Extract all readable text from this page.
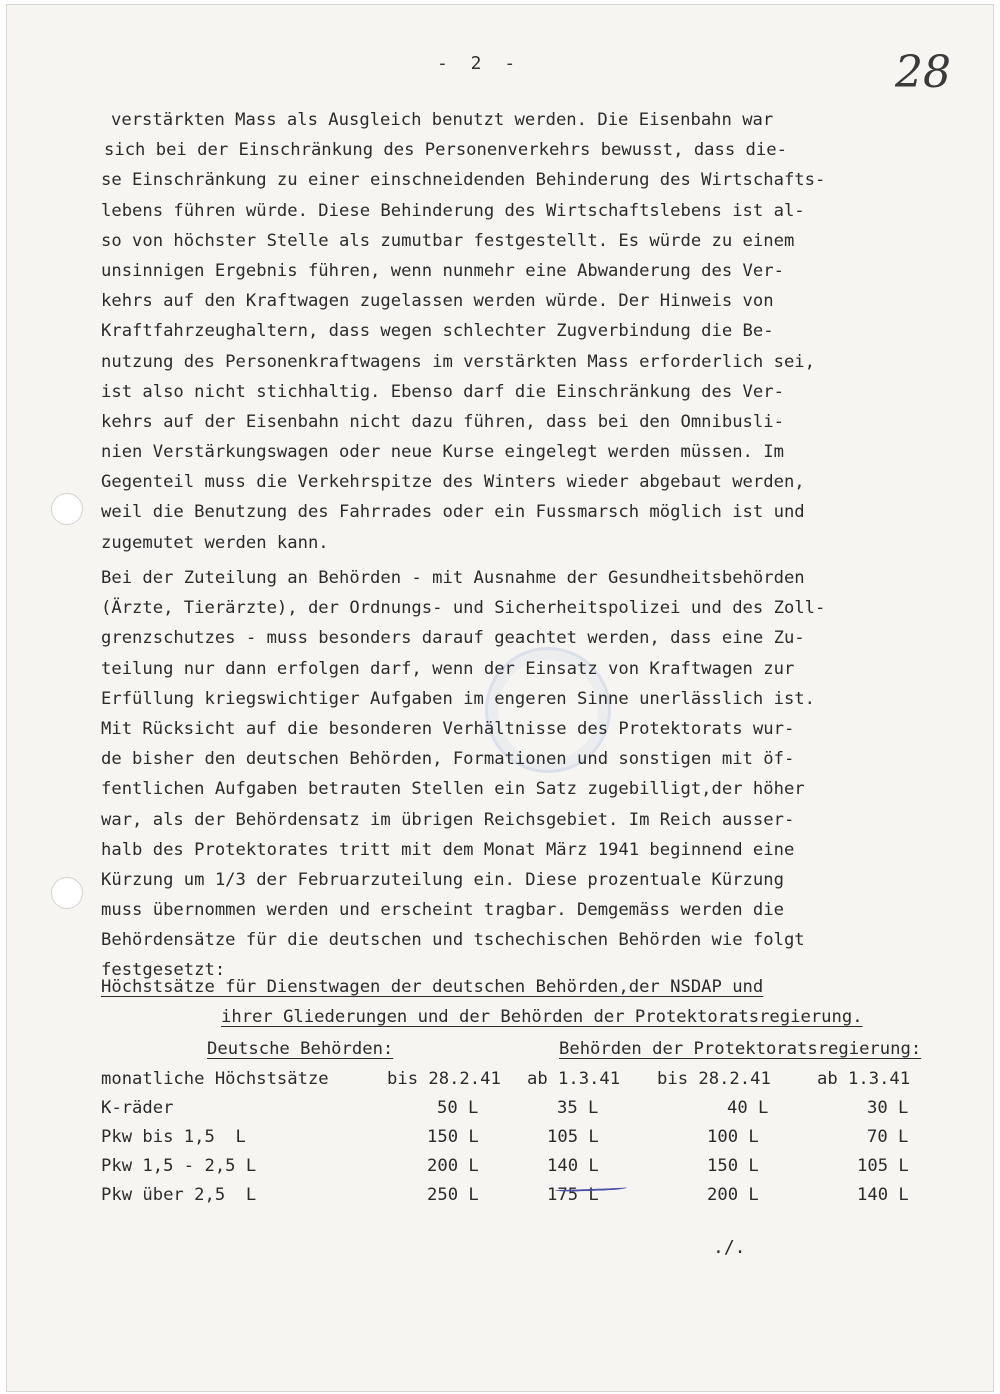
- 2 -	28
verstärkten Mass als Ausgleich benutzt werden. Die Eisenbahn war
sich bei der Einschränkung des Personenverkehrs bewusst, dass die-
se Einschränkung zu einer einschneidenden Behinderung des Wirtschafts-
lebens führen würde. Diese Behinderung des Wirtschaftslebens ist al-
so von höchster Stelle als zumutbar festgestellt. Es würde zu einem
unsinnigen Ergebnis führen, wenn nunmehr eine Abwanderung des Ver-
kehrs auf den Kraftwagen zugelassen werden würde. Der Hinweis von
Kraftfahrzeughaltern, dass wegen schlechter Zugverbindung die Be-
nutzung des Personenkraftwagens im verstärkten Mass erforderlich sei,
ist also nicht stichhaltig. Ebenso darf die Einschränkung des Ver-
kehrs auf der Eisenbahn nicht dazu führen, dass bei den Omnibusli-
nien Verstärkungswagen oder neue Kurse eingelegt werden müssen. Im
Gegenteil muss die Verkehrspitze des Winters wieder abgebaut werden,
weil die Benutzung des Fahrrades oder ein Fussmarsch möglich ist und
zugemutet werden kann.
Bei der Zuteilung an Behörden - mit Ausnahme der Gesundheitsbehörden
(Ärzte, Tierärzte), der Ordnungs- und Sicherheitspolizei und des Zoll-
grenzschutzes - muss besonders darauf geachtet werden, dass eine Zu-
teilung nur dann erfolgen darf, wenn der Einsatz von Kraftwagen zur
Erfüllung kriegswichtiger Aufgaben im engeren Sinne unerlässlich ist.
Mit Rücksicht auf die besonderen Verhältnisse des Protektorats wur-
de bisher den deutschen Behörden, Formationen und sonstigen mit öf-
fentlichen Aufgaben betrauten Stellen ein Satz zugebilligt,der höher
war, als der Behördensatz im übrigen Reichsgebiet. Im Reich ausser-
halb des Protektorates tritt mit dem Monat März 1941 beginnend eine
Kürzung um 1/3 der Februarzuteilung ein. Diese prozentuale Kürzung
muss übernommen werden und erscheint tragbar. Demgemäss werden die
Behördensätze für die deutschen und tschechischen Behörden wie folgt
festgesetzt:
Höchstsätze für Dienstwagen der deutschen Behörden,der NSDAP und
ihrer Gliederungen und der Behörden der Protektoratsregierung.
Deutsche Behörden:	Behörden der Protektoratsregierung:
monatliche Höchstsätze	bis 28.2.41 ab 1.3.41 bis 28.2.41	ab 1.3.41
K-räder	50 L	35 L	40 L	30 L
Pkw bis 1,5  L	150 L	105 L	100 L	70 L
Pkw 1,5 - 2,5 L	200 L	140 L	150 L	105 L
Pkw über 2,5  L	250 L	175 L	200 L	140 L
./.
